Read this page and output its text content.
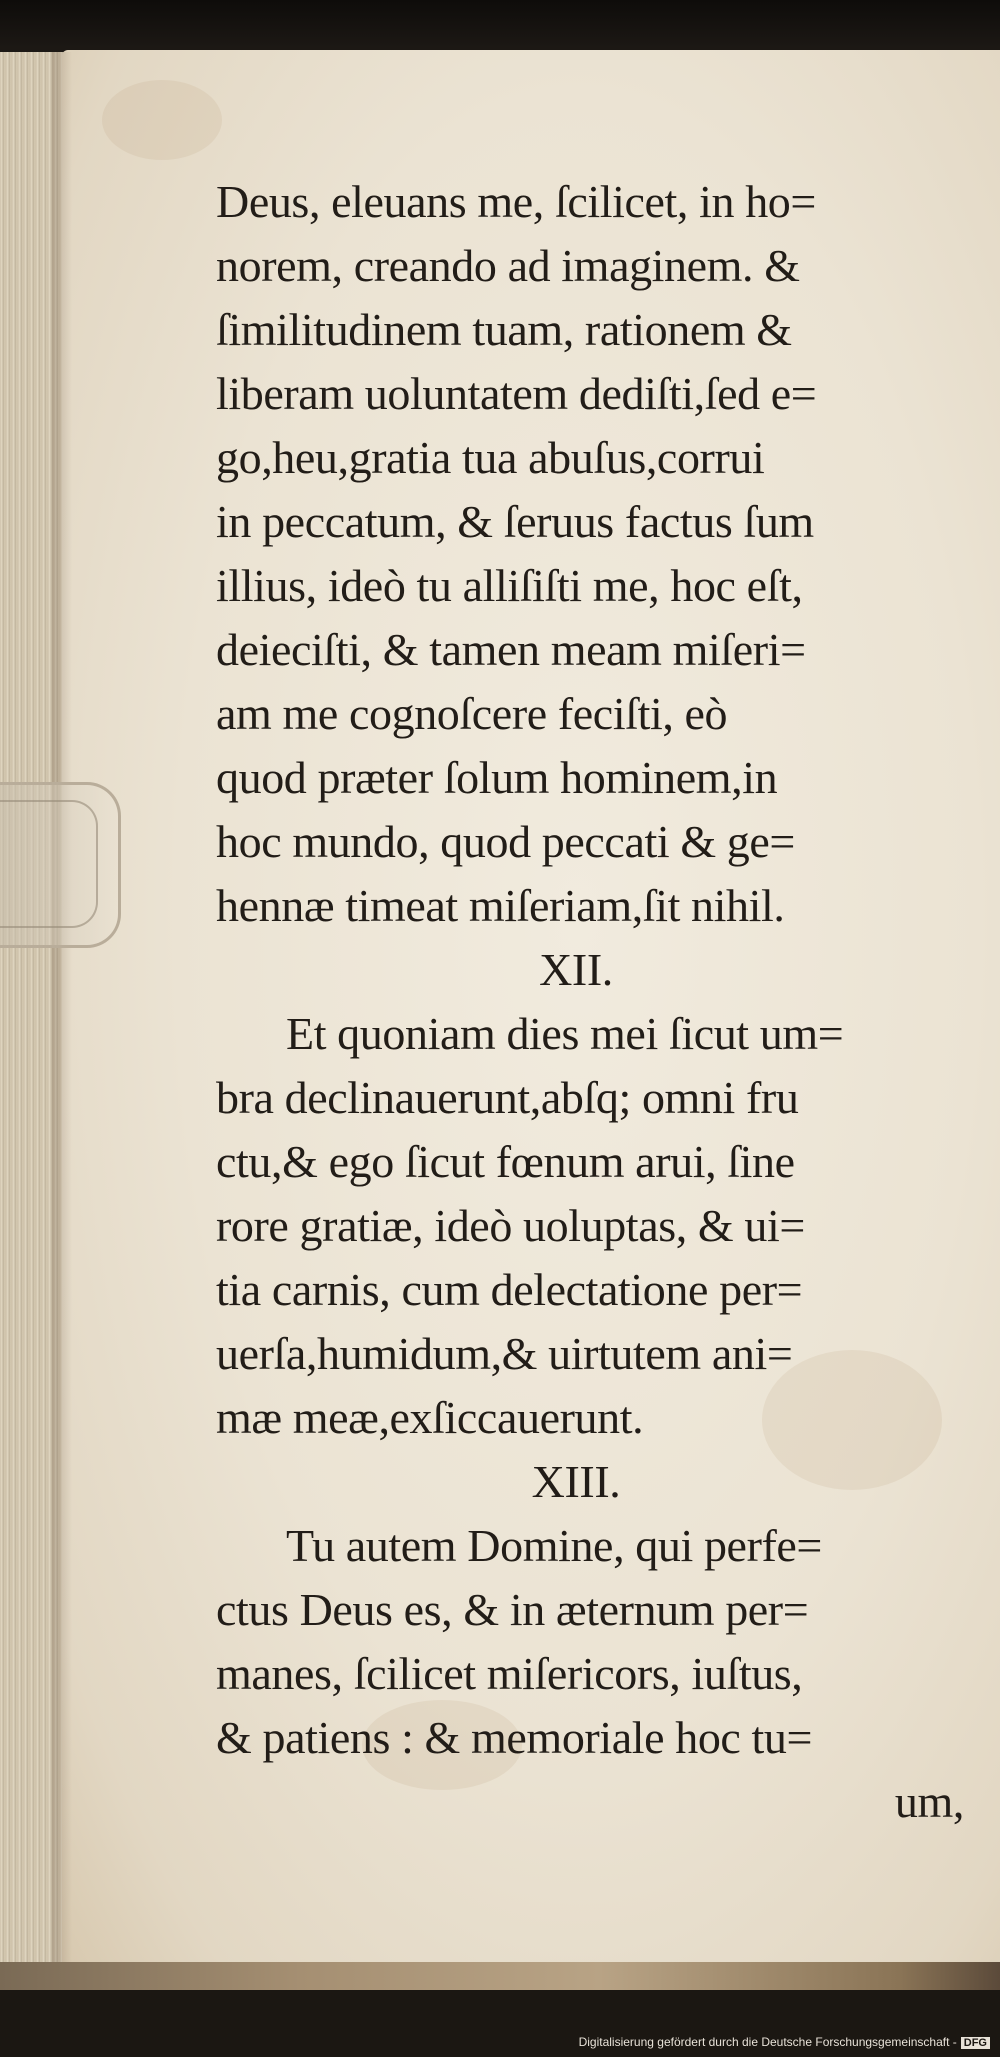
Deus, eleuans me, ſcilicet, in ho=
norem, creando ad imaginem. &
ſimilitudinem tuam, rationem &
liberam uoluntatem dediſti,ſed e=
go,heu,gratia tua abuſus,corrui
in peccatum, & ſeruus factus ſum
illius, ideò tu alliſiſti me, hoc eſt,
deieciſti, & tamen meam miſeri=
am me cognoſcere feciſti, eò
quod præter ſolum hominem,in
hoc mundo, quod peccati & ge=
hennæ timeat miſeriam,ſit nihil.
XII.
Et quoniam dies mei ſicut um=
bra declinauerunt,abſq; omni fru
ctu,& ego ſicut fœnum arui, ſine
rore gratiæ, ideò uoluptas, & ui=
tia carnis, cum delectatione per=
uerſa,humidum,& uirtutem ani=
mæ meæ,exſiccauerunt.
XIII.
Tu autem Domine, qui perfe=
ctus Deus es, & in æternum per=
manes, ſcilicet miſericors, iuſtus,
& patiens : & memoriale hoc tu=
um,
Digitalisierung gefördert durch die Deutsche Forschungsgemeinschaft - DFG
